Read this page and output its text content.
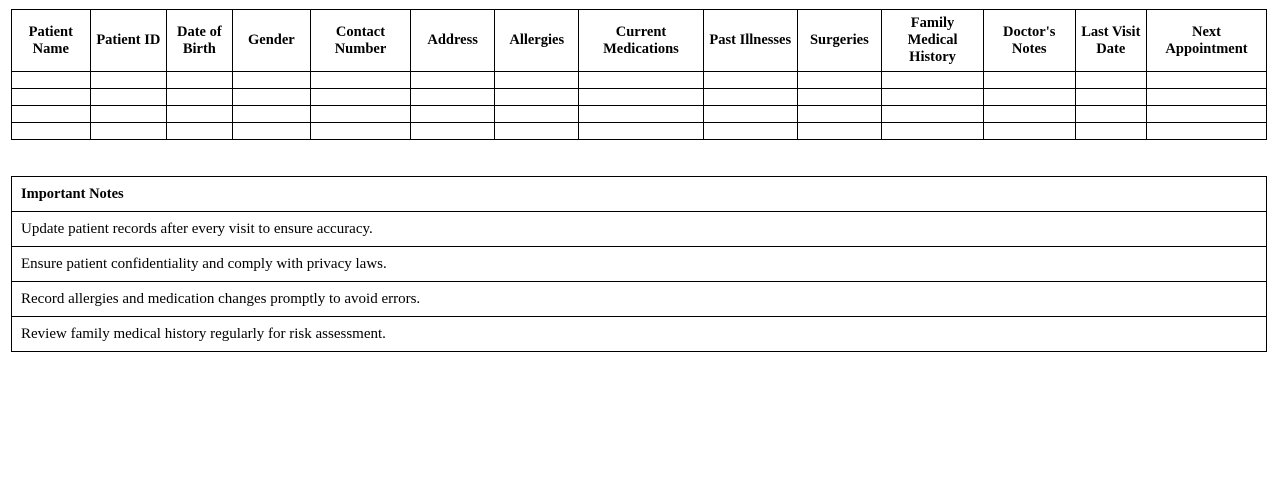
Patient Name	Patient ID	Date of Birth	Gender	Contact Number	Address	Allergies	Current Medications	Past Illnesses	Surgeries	Family Medical History	Doctor's Notes	Last Visit Date	Next Appointment

Important Notes
Update patient records after every visit to ensure accuracy.
Ensure patient confidentiality and comply with privacy laws.
Record allergies and medication changes promptly to avoid errors.
Review family medical history regularly for risk assessment.
